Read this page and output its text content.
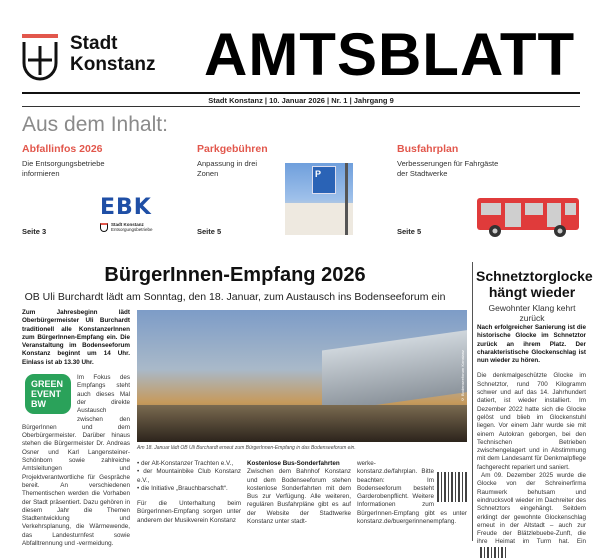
Stadt
Konstanz AMTSBLATT
Stadt Konstanz | 10. Januar 2026 | Nr. 1 | Jahrgang 9
Aus dem Inhalt:
Abfallinfos 2026
Die Entsorgungsbetriebe informieren
Seite 3
EBK
Stadt Konstanz
Entsorgungsbetriebe
Parkgebühren
Anpassung in drei Zonen
Seite 5
P
Busfahrplan
Verbesserungen für Fahrgäste der Stadtwerke
Seite 5
BürgerInnen-Empfang 2026
OB Uli Burchardt lädt am Sonntag, den 18. Januar, zum Austausch ins Bodenseeforum ein

Zum Jahresbeginn lädt Oberbürgermeister Uli Burchardt traditionell alle KonstanzerInnen zum BürgerInnen-Empfang ein. Die Veranstaltung im Bodenseeforum Konstanz beginnt um 14 Uhr. Einlass ist ab 13.30 Uhr.

GREEN EVENT BW

Im Fokus des Empfangs steht auch dieses Mal der direkte Austausch zwischen den BürgerInnen und dem Oberbürgermeister. Darüber hinaus stehen die Bürgermeister Dr. Andreas Osner und Karl Langensteiner-Schönborn sowie zahlreiche Amtsleitungen und Projektverantwortliche für Gespräche bereit. An verschiedenen Thementischen werden die Vorhaben der Stadt präsentiert. Dazu gehören in diesem Jahr die Themen Stadtentwicklung und Verkehrsplanung, die Wärmewende, das Landesturnfest sowie Abfalltrennung und -vermeidung.

© Bodenseeforum Konstanz
Am 18. Januar lädt OB Uli Burchardt erneut zum BürgerInnen-Empfang in das Bodenseeforum ein.
• der Alt-Konstanzer Trachten e.V.,
• der Mountainbike Club Konstanz e.V.,
• die Initiative „Brauchbarschaft“.

Für die Unterhaltung beim BürgerInnen-Empfang sorgen unter anderem der Musikverein Konstanz

Kostenlose Bus-Sonderfahrten

Zwischen dem Bahnhof Konstanz und dem Bodenseeforum stehen kostenlose Sonderfahrten mit dem Bus zur Verfügung. Alle weiteren, regulären Busfahrpläne gibt es auf der Website der Stadtwerke Konstanz unter stadt-

werke-konstanz.de/fahrplan. Bitte beachten: Im Bodenseeforum besteht Garderobenpflicht. Weitere Informationen zum BürgerInnen-Empfang gibt es unter konstanz.de/buergerinnenempfang.

Schnetztorglocke hängt wieder
Gewohnter Klang kehrt zurück

Nach erfolgreicher Sanierung ist die historische Glocke im Schnetztor zurück an ihrem Platz. Der charakteristische Glockenschlag ist nun wieder zu hören.

Die denkmalgeschützte Glocke im Schnetztor, rund 700 Kilogramm schwer und auf das 14. Jahrhundert datiert, ist wieder installiert. Im Dezember 2022 hatte sich die Glocke gelöst und blieb im Glockenstuhl liegen. Vor einem Jahr wurde sie mit einem Autokran geborgen, bei den Technischen Betrieben zwischengelagert und in Abstimmung mit dem Landesamt für Denkmalpflege fachgerecht repariert und saniert.

Am 09. Dezember 2025 wurde die Glocke von der Schreinerfirma Raumwerk behutsam und eindrucksvoll wieder im Dachreiter des Schnetztors eingehängt. Seitdem erklingt der gewohnte Glockenschlag erneut in der Altstadt – auch zur Freude der Blätzlebuebe-Zunft, die ihre Heimat im Turm hat. Ein
